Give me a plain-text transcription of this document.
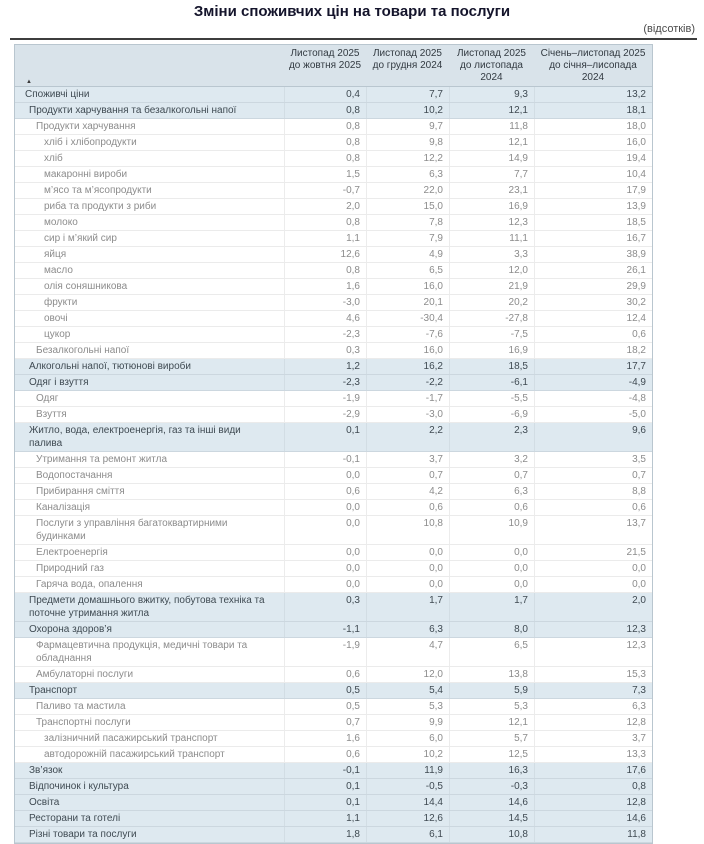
Зміни споживчих цін на товари та послуги
(відсотків)
▲
Листопад 2025 до жовтня 2025
Листопад 2025 до грудня 2024
Листопад 2025 до листопада 2024
Січень–листопад 2025 до січня–лисопада 2024
Споживчі ціни	0,4	7,7	9,3	13,2
Продукти харчування та безалкогольні напої	0,8	10,2	12,1	18,1
Продукти харчування	0,8	9,7	11,8	18,0
хліб і хлібопродукти	0,8	9,8	12,1	16,0
хліб	0,8	12,2	14,9	19,4
макаронні вироби	1,5	6,3	7,7	10,4
м’ясо та м’ясопродукти	-0,7	22,0	23,1	17,9
риба та продукти з риби	2,0	15,0	16,9	13,9
молоко	0,8	7,8	12,3	18,5
сир і м’який сир	1,1	7,9	11,1	16,7
яйця	12,6	4,9	3,3	38,9
масло	0,8	6,5	12,0	26,1
олія соняшникова	1,6	16,0	21,9	29,9
фрукти	-3,0	20,1	20,2	30,2
овочі	4,6	-30,4	-27,8	12,4
цукор	-2,3	-7,6	-7,5	0,6
Безалкогольні напої	0,3	16,0	16,9	18,2
Алкогольні напої, тютюнові вироби	1,2	16,2	18,5	17,7
Одяг і взуття	-2,3	-2,2	-6,1	-4,9
Одяг	-1,9	-1,7	-5,5	-4,8
Взуття	-2,9	-3,0	-6,9	-5,0
Житло, вода, електроенергія, газ та інші види палива
0,1	2,2	2,3	9,6
Утримання та ремонт житла	-0,1	3,7	3,2	3,5
Водопостачання	0,0	0,7	0,7	0,7
Прибирання сміття	0,6	4,2	6,3	8,8
Каналізація	0,0	0,6	0,6	0,6
Послуги з управління багатоквартирними будинками
0,0	10,8	10,9	13,7
Електроенергія	0,0	0,0	0,0	21,5
Природний газ	0,0	0,0	0,0	0,0
Гаряча вода, опалення	0,0	0,0	0,0	0,0
Предмети домашнього вжитку, побутова техніка та поточне утримання житла
0,3	1,7	1,7	2,0
Охорона здоров’я	-1,1	6,3	8,0	12,3
Фармацевтична продукція, медичні товари та обладнання
-1,9	4,7	6,5	12,3
Амбулаторні послуги	0,6	12,0	13,8	15,3
Транспорт	0,5	5,4	5,9	7,3
Паливо та мастила	0,5	5,3	5,3	6,3
Транспортні послуги	0,7	9,9	12,1	12,8
залізничний пасажирський транспорт	1,6	6,0	5,7	3,7
автодорожній пасажирський транспорт	0,6	10,2	12,5	13,3
Зв’язок	-0,1	11,9	16,3	17,6
Відпочинок і культура	0,1	-0,5	-0,3	0,8
Освіта	0,1	14,4	14,6	12,8
Ресторани та готелі	1,1	12,6	14,5	14,6
Різні товари та послуги	1,8	6,1	10,8	11,8
